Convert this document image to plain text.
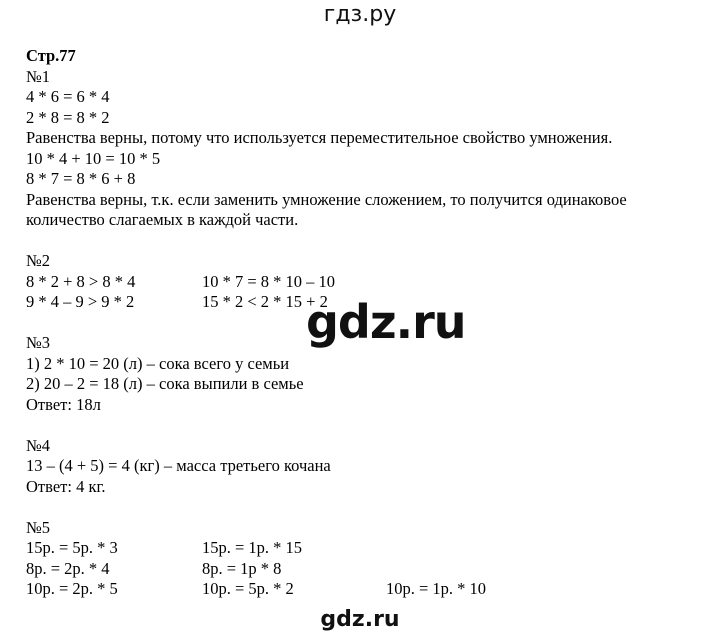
гдз.ру
Стр.77
№1
4 * 6 = 6 * 4
2 * 8 = 8 * 2
Равенства верны, потому что используется переместительное свойство умножения.
10 * 4 + 10 = 10 * 5
8 * 7 = 8 * 6 + 8
Равенства верны, т.к. если заменить умножение сложением, то получится одинаковое
количество слагаемых в каждой части.
№2
8 * 2 + 8 > 8 * 4	10 * 7 = 8 * 10 – 10
9 * 4 – 9 > 9 * 2	15 * 2 < 2 * 15 + 2
№3
1) 2 * 10 = 20 (л) – сока всего у семьи
2) 20 – 2 = 18 (л) – сока выпили в семье
Ответ: 18л
№4
13 – (4 + 5) = 4 (кг) – масса третьего кочана
Ответ: 4 кг.
№5
15р. = 5р. * 3	15р. = 1р. * 15
8р. = 2р. * 4	8р. = 1р * 8
10р. = 2р. * 5	10р. = 5р. * 2	10р. = 1р. * 10
gdz.ru
gdz.ru
